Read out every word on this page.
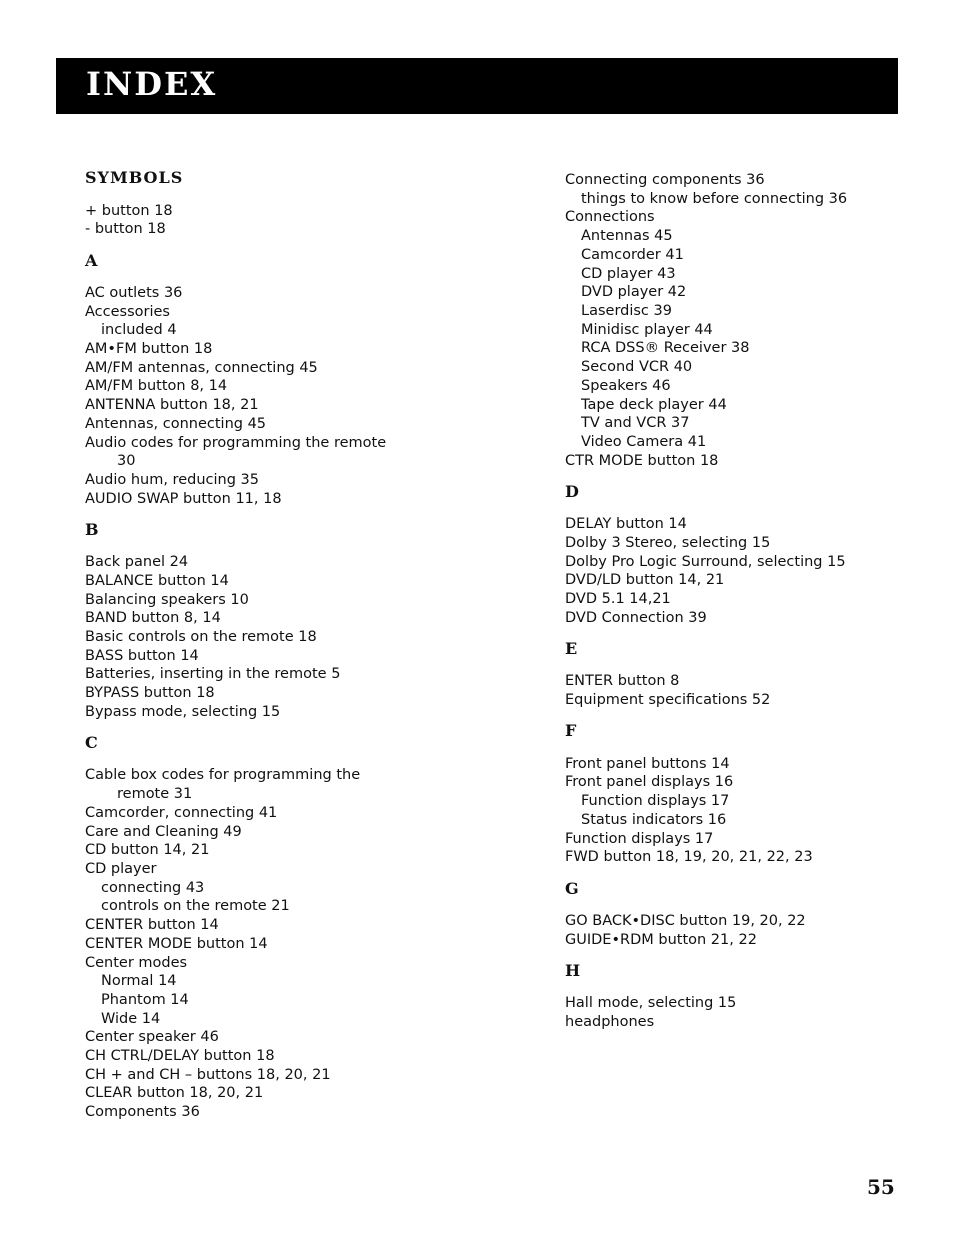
INDEX
SYMBOLS
+ button 18
- button 18
A
AC outlets 36
Accessories
included 4
AM•FM button 18
AM/FM antennas, connecting 45
AM/FM button 8, 14
ANTENNA button 18, 21
Antennas, connecting 45
Audio codes for programming the remote
30
Audio hum, reducing 35
AUDIO SWAP button 11, 18
B
Back panel 24
BALANCE button 14
Balancing speakers 10
BAND button 8, 14
Basic controls on the remote 18
BASS button 14
Batteries, inserting in the remote 5
BYPASS button 18
Bypass mode, selecting 15
C
Cable box codes for programming the
remote 31
Camcorder, connecting 41
Care and Cleaning 49
CD button 14, 21
CD player
connecting 43
controls on the remote 21
CENTER button 14
CENTER MODE button 14
Center modes
Normal 14
Phantom 14
Wide 14
Center speaker 46
CH CTRL/DELAY button 18
CH + and CH – buttons 18, 20, 21
CLEAR button 18, 20, 21
Components 36
Connecting components 36
things to know before connecting 36
Connections
Antennas 45
Camcorder 41
CD player 43
DVD player 42
Laserdisc 39
Minidisc player 44
RCA DSS® Receiver 38
Second VCR 40
Speakers 46
Tape deck player 44
TV and VCR 37
Video Camera 41
CTR MODE button 18
D
DELAY button 14
Dolby 3 Stereo, selecting 15
Dolby Pro Logic Surround, selecting 15
DVD/LD button 14, 21
DVD 5.1 14,21
DVD Connection 39
E
ENTER button 8
Equipment specifications 52
F
Front panel buttons 14
Front panel displays 16
Function displays 17
Status indicators 16
Function displays 17
FWD button 18, 19, 20, 21, 22, 23
G
GO BACK•DISC button 19, 20, 22
GUIDE•RDM button 21, 22
H
Hall mode, selecting 15
headphones
55
